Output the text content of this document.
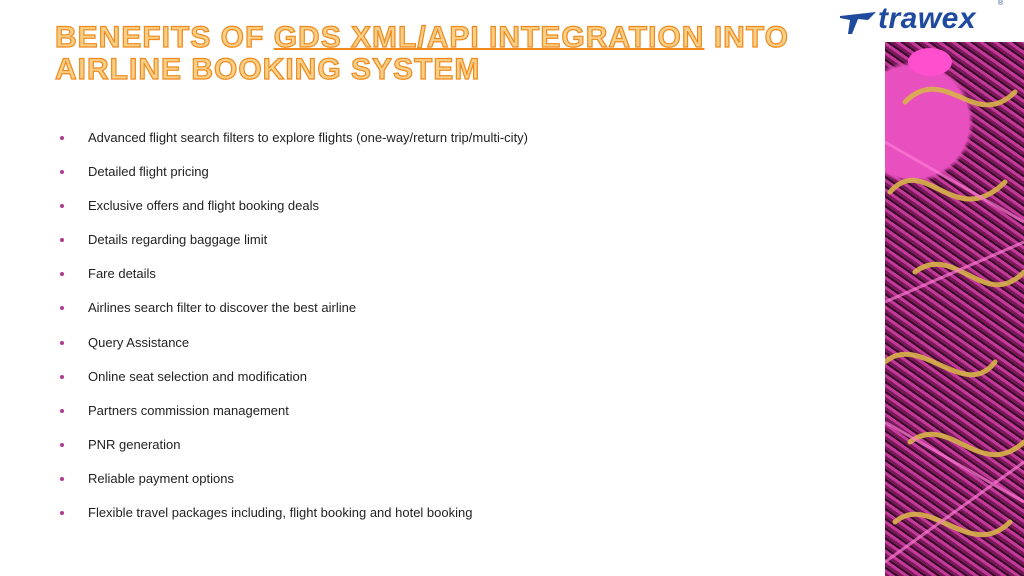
BENEFITS OF GDS XML/API INTEGRATION INTO
AIRLINE BOOKING SYSTEM
trawex	®
Advanced flight search filters to explore flights (one-way/return trip/multi-city)
Detailed flight pricing
Exclusive offers and flight booking deals
Details regarding baggage limit
Fare details
Airlines search filter to discover the best airline
Query Assistance
Online seat selection and modification
Partners commission management
PNR generation
Reliable payment options
Flexible travel packages including, flight booking and hotel booking
